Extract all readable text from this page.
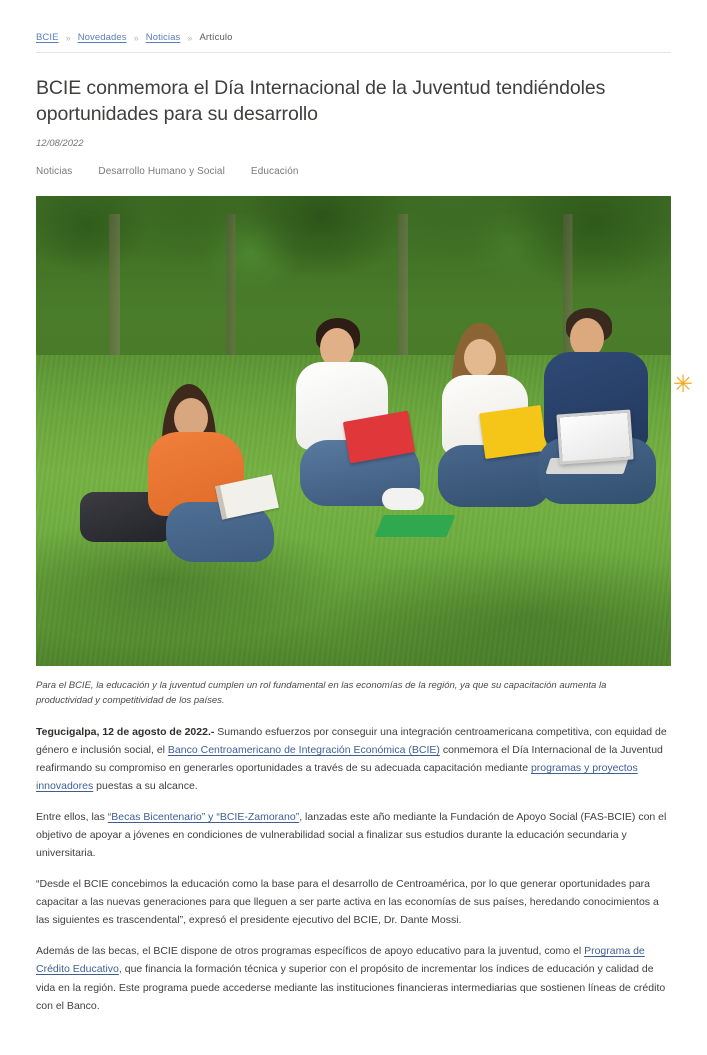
BCIE » Novedades » Noticias » Artículo
BCIE conmemora el Día Internacional de la Juventud tendiéndoles oportunidades para su desarrollo
12/08/2022
Noticias	Desarrollo Humano y Social	Educación
✳
Para el BCIE, la educación y la juventud cumplen un rol fundamental en las economías de la región, ya que su capacitación aumenta la productividad y competitividad de los países.

Tegucigalpa, 12 de agosto de 2022.- Sumando esfuerzos por conseguir una integración centroamericana competitiva, con equidad de género e inclusión social, el Banco Centroamericano de Integración Económica (BCIE) conmemora el Día Internacional de la Juventud reafirmando su compromiso en generarles oportunidades a través de su adecuada capacitación mediante programas y proyectos innovadores puestas a su alcance.

Entre ellos, las “Becas Bicentenario” y “BCIE-Zamorano”, lanzadas este año mediante la Fundación de Apoyo Social (FAS-BCIE) con el objetivo de apoyar a jóvenes en condiciones de vulnerabilidad social a finalizar sus estudios durante la educación secundaria y universitaria.

“Desde el BCIE concebimos la educación como la base para el desarrollo de Centroamérica, por lo que generar oportunidades para capacitar a las nuevas generaciones para que lleguen a ser parte activa en las economías de sus países, heredando conocimientos a las siguientes es trascendental”, expresó el presidente ejecutivo del BCIE, Dr. Dante Mossi.

Además de las becas, el BCIE dispone de otros programas específicos de apoyo educativo para la juventud, como el Programa de Crédito Educativo, que financia la formación técnica y superior con el propósito de incrementar los índices de educación y calidad de vida en la región. Este programa puede accederse mediante las instituciones financieras intermediarias que sostienen líneas de crédito con el Banco.
